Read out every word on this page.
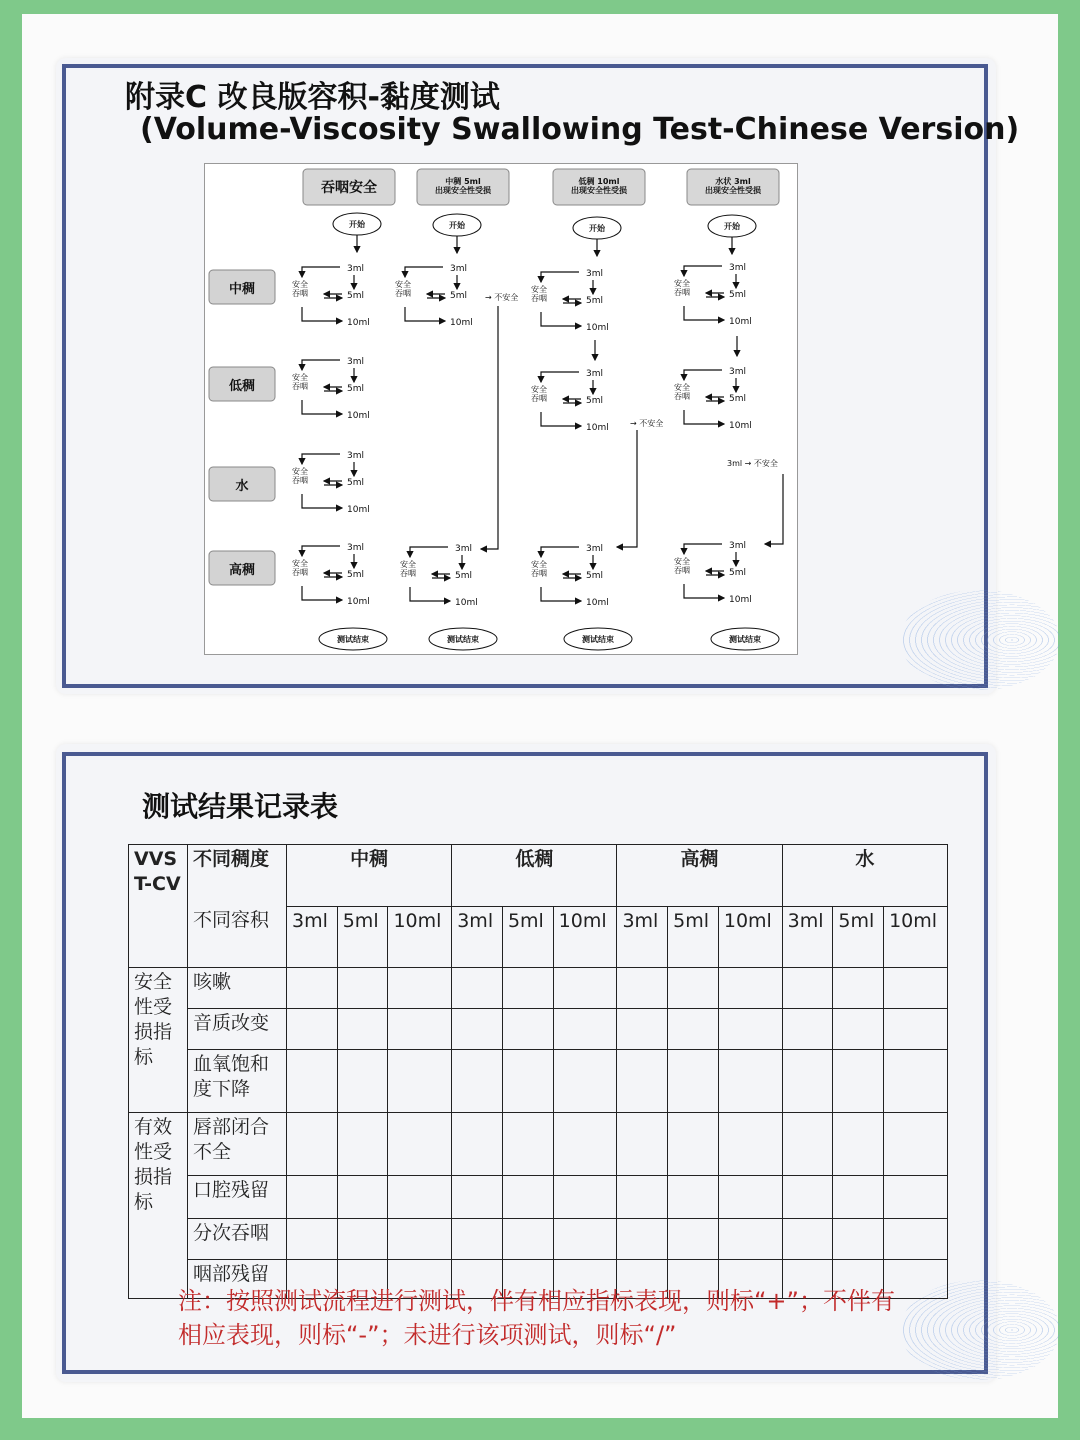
附录C 改良版容积-黏度测试
(Volume-Viscosity Swallowing Test-Chinese Version)
吞咽安全	中稠 5ml
出现安全性受损
低稠 10ml
出现安全性受损
水状 3ml
出现安全性受损
开始	开始	开始	开始
中稠
低稠
水
高稠
3ml
5ml
10ml
安全
吞咽
3ml
5ml
10ml
安全
吞咽
3ml
5ml
10ml
安全
吞咽
3ml
5ml
10ml
安全
吞咽
3ml
5ml
10ml
安全
吞咽
3ml
5ml
10ml
安全
吞咽
→ 不安全
3ml
5ml
10ml
安全
吞咽
3ml
5ml
10ml
安全
吞咽
3ml
5ml
10ml
安全
吞咽
→ 不安全
3ml
5ml
10ml
安全
吞咽
3ml
5ml
10ml
安全
吞咽
3ml
5ml
10ml
安全
吞咽
3ml → 不安全
测试结束	测试结束	测试结束	测试结束
测试结果记录表
VVS
T-CV	不同稠度	中稠			低稠			高稠			水		
	不同容积	3ml	5ml	10ml	3ml	5ml	10ml	3ml	5ml	10ml	3ml	5ml	10ml
安全
性受
损指
标	咳嗽												
	音质改变												
	血氧饱和
度下降												
有效
性受
损指
标	唇部闭合
不全												
	口腔残留												
	分次吞咽												
	咽部残留												
注：按照测试流程进行测试，伴有相应指标表现，则标“+”；不伴有相应表现，则标“-”；未进行该项测试，则标“/”
